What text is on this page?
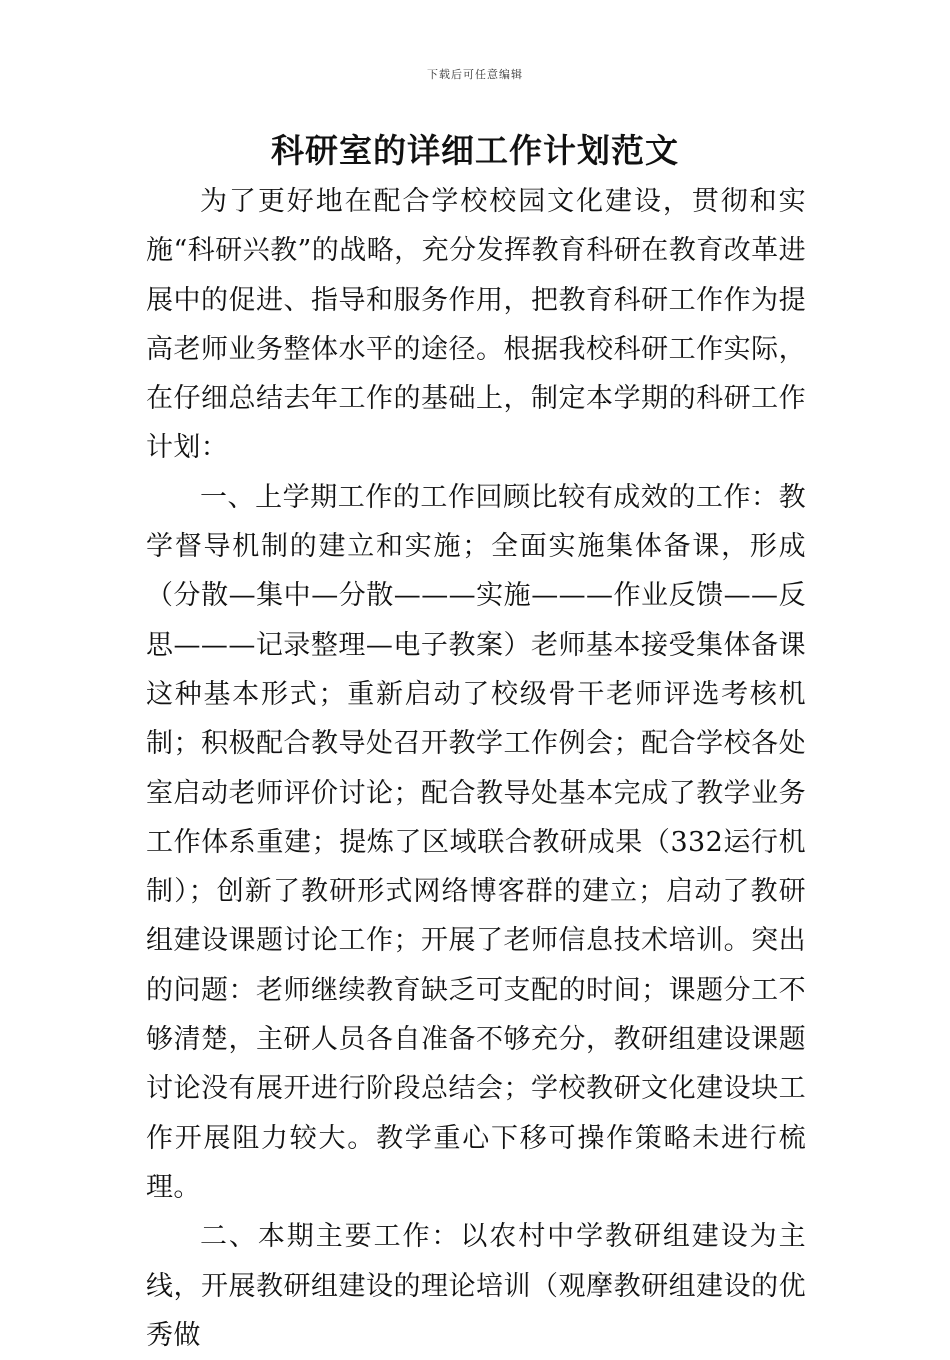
下载后可任意编辑
科研室的详细工作计划范文

为了更好地在配合学校校园文化建设，贯彻和实施“科研兴教”的战略，充分发挥教育科研在教育改革进展中的促进、指导和服务作用，把教育科研工作作为提高老师业务整体水平的途径。根据我校科研工作实际，在仔细总结去年工作的基础上，制定本学期的科研工作计划：

一、上学期工作的工作回顾比较有成效的工作：教学督导机制的建立和实施；全面实施集体备课，形成（分散—集中—分散———实施———作业反馈——反思———记录整理—电子教案）老师基本接受集体备课这种基本形式；重新启动了校级骨干老师评选考核机制；积极配合教导处召开教学工作例会；配合学校各处室启动老师评价讨论；配合教导处基本完成了教学业务工作体系重建；提炼了区域联合教研成果（332运行机制）；创新了教研形式网络博客群的建立；启动了教研组建设课题讨论工作；开展了老师信息技术培训。突出的问题：老师继续教育缺乏可支配的时间；课题分工不够清楚，主研人员各自准备不够充分，教研组建设课题讨论没有展开进行阶段总结会；学校教研文化建设块工作开展阻力较大。教学重心下移可操作策略未进行梳理。

二、本期主要工作：以农村中学教研组建设为主线，开展教研组建设的理论培训（观摩教研组建设的优秀做
